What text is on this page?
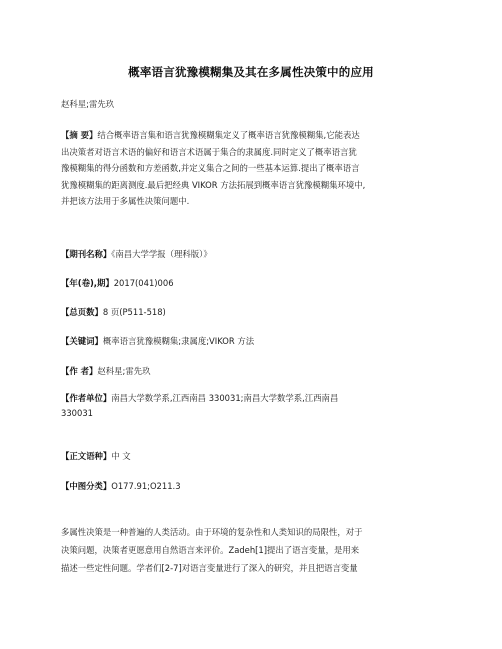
概率语言犹豫模糊集及其在多属性决策中的应用
赵科星;雷先玖
【摘 要】结合概率语言集和语言犹豫模糊集定义了概率语言犹豫模糊集,它能表达
出决策者对语言术语的偏好和语言术语属于集合的隶属度.同时定义了概率语言犹
豫模糊集的得分函数和方差函数,并定义集合之间的一些基本运算.提出了概率语言
犹豫模糊集的距离测度.最后把经典 VIKOR 方法拓展到概率语言犹豫模糊集环境中,
并把该方法用于多属性决策问题中.
【期刊名称】《南昌大学学报（理科版）》
【年(卷),期】2017(041)006
【总页数】8 页(P511-518)
【关键词】概率语言犹豫模糊集;隶属度;VIKOR 方法
【作 者】赵科星;雷先玖
【作者单位】南昌大学数学系,江西南昌 330031;南昌大学数学系,江西南昌
330031
【正文语种】中 文
【中图分类】O177.91;O211.3
多属性决策是一种普遍的人类活动。由于环境的复杂性和人类知识的局限性，对于
决策问题，决策者更愿意用自然语言来评价。Zadeh[1]提出了语言变量，是用来
描述一些定性问题。学者们[2-7]对语言变量进行了深入的研究，并且把语言变量
